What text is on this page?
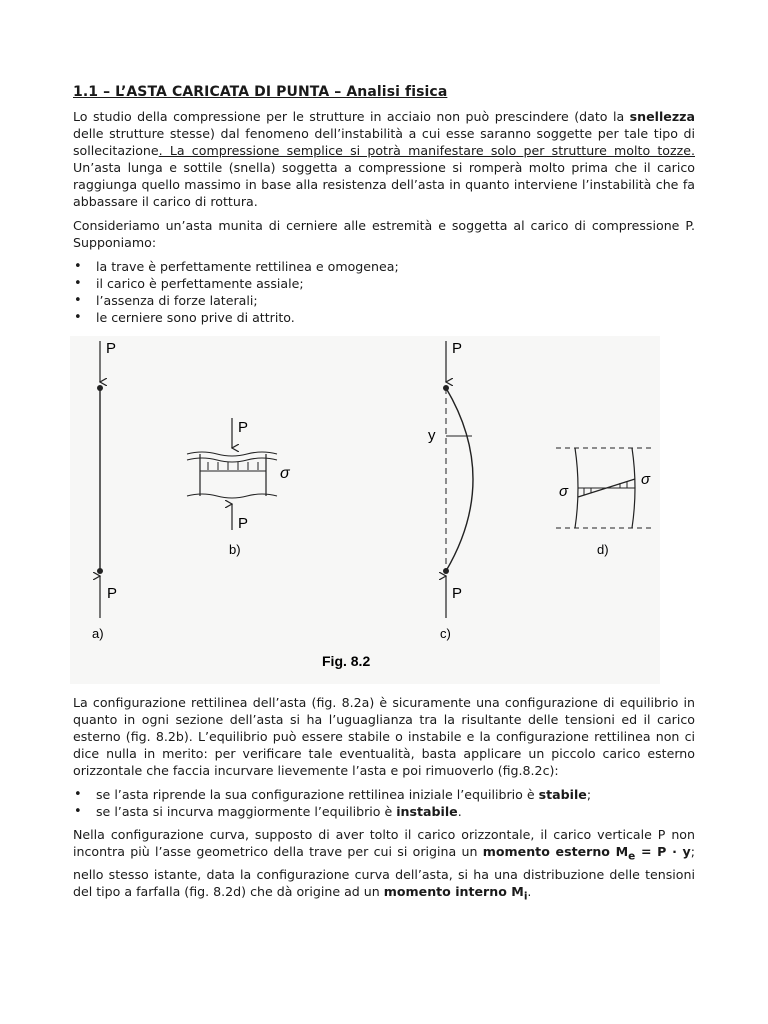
1.1 – L’ASTA CARICATA DI PUNTA – Analisi fisica

Lo studio della compressione per le strutture in acciaio non può prescindere (dato la snellezza delle strutture stesse) dal fenomeno dell’instabilità a cui esse saranno soggette per tale tipo di sollecitazione. La compressione semplice si potrà manifestare solo per strutture molto tozze. Un’asta lunga e sottile (snella) soggetta a compressione si romperà molto prima che il carico raggiunga quello massimo in base alla resistenza dell’asta in quanto interviene l’instabilità che fa abbassare il carico di rottura.

Consideriamo un’asta munita di cerniere alle estremità e soggetta al carico di compressione P. Supponiamo:

• la trave è perfettamente rettilinea e omogenea;
• il carico è perfettamente assiale;
• l’assenza di forze laterali;
• le cerniere sono prive di attrito.
P
P
a)
P
σ
P
b)
P
y
P
c)
σ
σ
d)
Fig. 8.2

La configurazione rettilinea dell’asta (fig. 8.2a) è sicuramente una configurazione di equilibrio in quanto in ogni sezione dell’asta si ha l’uguaglianza tra la risultante delle tensioni ed il carico esterno (fig. 8.2b). L’equilibrio può essere stabile o instabile e la configurazione rettilinea non ci dice nulla in merito: per verificare tale eventualità, basta applicare un piccolo carico esterno orizzontale che faccia incurvare lievemente l’asta e poi rimuoverlo (fig.8.2c):

• se l’asta riprende la sua configurazione rettilinea iniziale l’equilibrio è stabile;
• se l’asta si incurva maggiormente l’equilibrio è instabile.

Nella configurazione curva, supposto di aver tolto il carico orizzontale, il carico verticale P non incontra più l’asse geometrico della trave per cui si origina un momento esterno $M_e = P \cdot y$; nello stesso istante, data la configurazione curva dell’asta, si ha una distribuzione delle tensioni del tipo a farfalla (fig. 8.2d) che dà origine ad un momento interno $M_i$.
